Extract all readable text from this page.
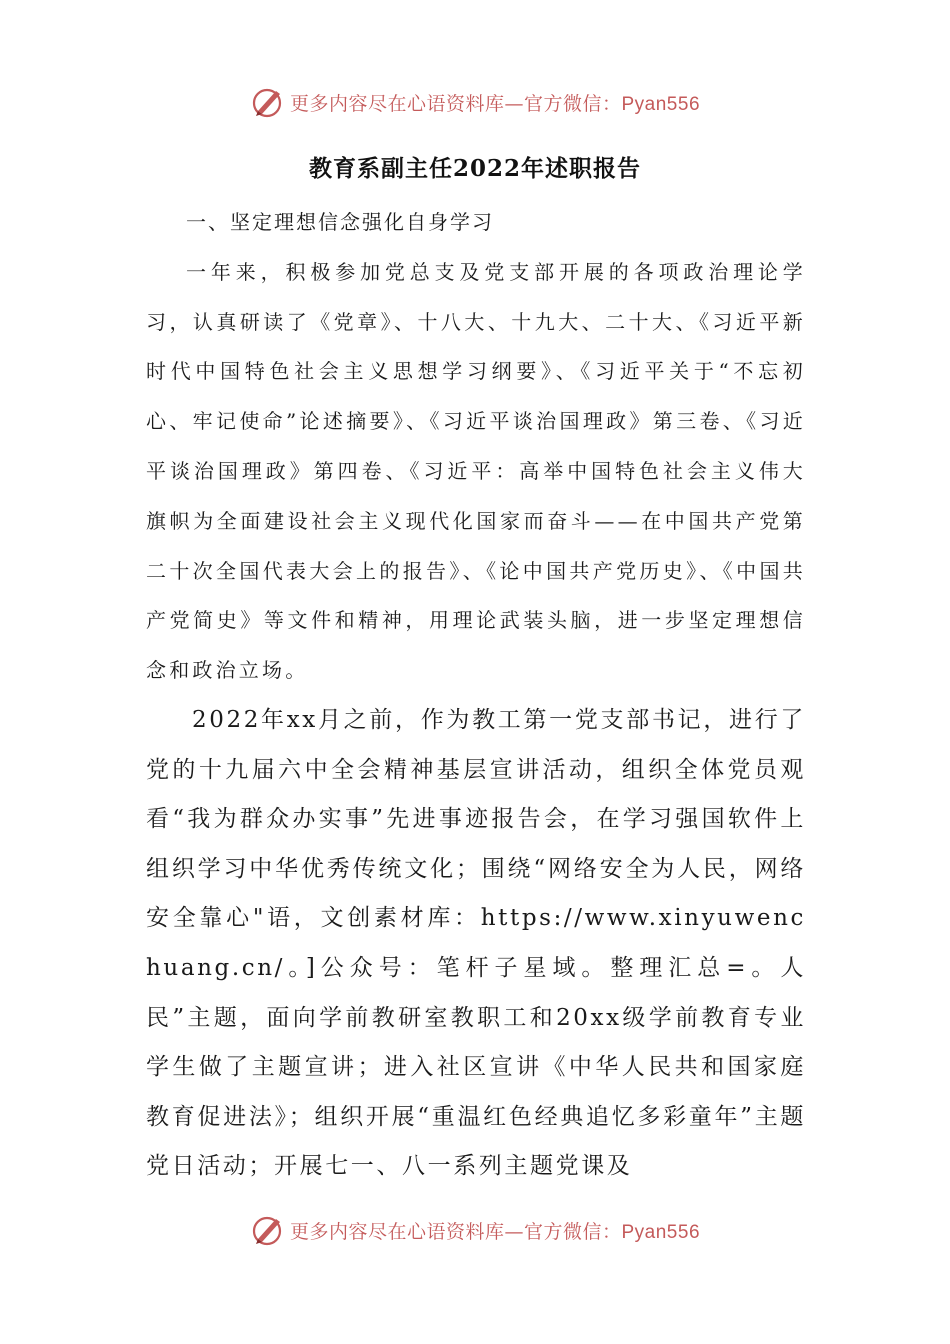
更多内容尽在心语资料库—官方微信：Pyan556
教育系副主任2022年述职报告

一、坚定理想信念强化自身学习

一年来，积极参加党总支及党支部开展的各项政治理论学习，认真研读了《党章》、十八大、十九大、二十大、《习近平新时代中国特色社会主义思想学习纲要》、《习近平关于“不忘初心、牢记使命”论述摘要》、《习近平谈治国理政》第三卷、《习近平谈治国理政》第四卷、《习近平：高举中国特色社会主义伟大旗帜为全面建设社会主义现代化国家而奋斗——在中国共产党第二十次全国代表大会上的报告》、《论中国共产党历史》、《中国共产党简史》等文件和精神，用理论武装头脑，进一步坚定理想信念和政治立场。

2022年xx月之前，作为教工第一党支部书记，进行了党的十九届六中全会精神基层宣讲活动，组织全体党员观看“我为群众办实事”先进事迹报告会，在学习强国软件上组织学习中华优秀传统文化；围绕“网络安全为人民，网络安全靠心"语，文创素材库：https://www.xinyuwenchuang.cn/。]公众号：笔杆子星域。整理汇总=。人民”主题，面向学前教研室教职工和20xx级学前教育专业学生做了主题宣讲；进入社区宣讲《中华人民共和国家庭教育促进法》；组织开展“重温红色经典追忆多彩童年”主题党日活动；开展七一、八一系列主题党课及

更多内容尽在心语资料库—官方微信：Pyan556
